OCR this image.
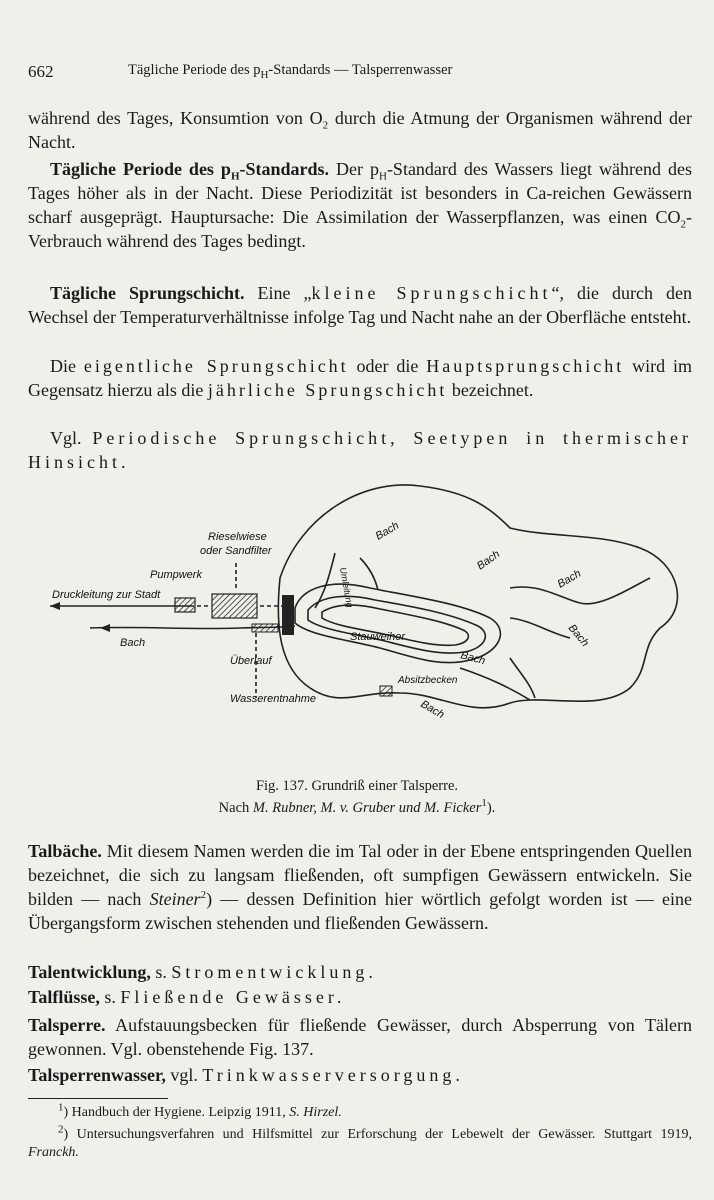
662	Tägliche Periode des $p_H$-Standards — Talsperrenwasser
während des Tages, Konsumtion von $O_2$ durch die Atmung der Organismen während der Nacht.
Tägliche Periode des $p_H$-Standards. Der $p_H$-Standard des Wassers liegt während des Tages höher als in der Nacht. Diese Periodizität ist besonders in Ca-reichen Gewässern scharf ausgeprägt. Hauptursache: Die Assimilation der Wasserpflanzen, was einen $CO_2$-Verbrauch während des Tages bedingt.
Tägliche Sprungschicht. Eine „kleine Sprungschicht“, die durch den Wechsel der Temperaturverhältnisse infolge Tag und Nacht nahe an der Oberfläche entsteht.
Die eigentliche Sprungschicht oder die Hauptsprungschicht wird im Gegensatz hierzu als die jährliche Sprungschicht bezeichnet.
Vgl. Periodische Sprungschicht, Seetypen in thermischer Hinsicht.
Rieselwiese
oder Sandfilter
Pumpwerk
Druckleitung zur Stadt
Bach
Überlauf
Wasserentnahme
Stauweiher
Absitzbecken
Umleitung
Bach
Bach
Bach
Bach
Bach
Bach
Fig. 137. Grundriß einer Talsperre.
Nach M. Rubner, M. v. Gruber und M. Ficker$^1$).
Talbäche. Mit diesem Namen werden die im Tal oder in der Ebene entspringenden Quellen bezeichnet, die sich zu langsam fließenden, oft sumpfigen Gewässern entwickeln. Sie bilden — nach Steiner$^2$) — dessen Definition hier wörtlich gefolgt worden ist — eine Übergangsform zwischen stehenden und fließenden Gewässern.
Talentwicklung, s. Stromentwicklung.
Talflüsse, s. Fließende Gewässer.
Talsperre. Aufstauungsbecken für fließende Gewässer, durch Absperrung von Tälern gewonnen. Vgl. obenstehende Fig. 137.
Talsperrenwasser, vgl. Trinkwasserversorgung.
$^1$) Handbuch der Hygiene. Leipzig 1911, S. Hirzel.
$^2$) Untersuchungsverfahren und Hilfsmittel zur Erforschung der Lebewelt der Gewässer. Stuttgart 1919, Franckh.
